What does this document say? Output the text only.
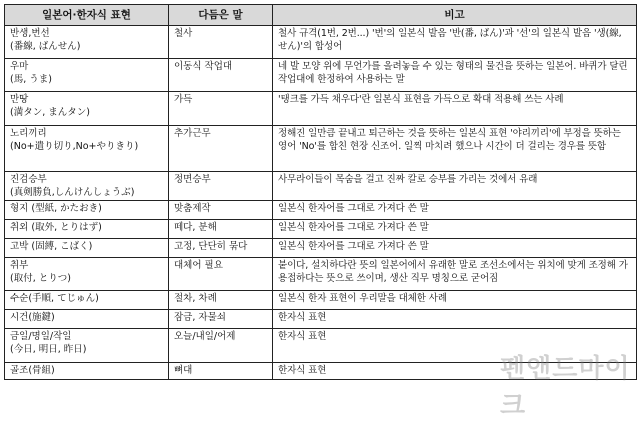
일본어·한자식 표현	다듬은 말	비고

반생,번선
(番線, ばんせん)	철사	철사 규격(1번, 2번...) '번'의 일본식 발음 '반(番, ばん)'과 '선'의 일본식 발음 '생(線, せん)'의 합성어

우마
(馬, うま)	이동식 작업대	네 발 모양 위에 무언가를 올려놓을 수 있는 형태의 물건을 뜻하는 일본어. 바퀴가 달린 작업대에 한정하여 사용하는 말

만땅
(満タン, まんタン)	가득	'탱크를 가득 채우다'란 일본식 표현을 가득으로 확대 적용해 쓰는 사례

노리끼리
(No+遣り切り,No+やりきり)	추가근무	정해진 일만큼 끝내고 퇴근하는 것을 뜻하는 일본식 표현 '야리끼리'에 부정을 뜻하는 영어 'No'를 합친 현장 신조어. 일찍 마치려 했으나 시간이 더 걸리는 경우를 뜻함

진검승부
(真剣勝負,しんけんしょうぶ)	정면승부	사무라이들이 목숨을 걸고 진짜 칼로 승부를 가리는 것에서 유래

형지 (型紙, かたおき)	맞춤제작	일본식 한자어를 그대로 가져다 쓴 말

취외 (取外, とりはず)	떼다, 분해	일본식 한자어를 그대로 가져다 쓴 말

고박 (固縛, こばく)	고정, 단단히 묶다	일본식 한자어를 그대로 가져다 쓴 말

취부
(取付, とりつ)	대체어 필요	붙이다, 설치하다란 뜻의 일본어에서 유래한 말로 조선소에서는 위치에 맞게 조정해 가용접하다는 뜻으로 쓰이며, 생산 직무 명칭으로 굳어짐

수순(手順, てじゅん)	절차, 차례	일본식 한자 표현이 우리말을 대체한 사례

시건(施鍵)	잠금, 자물쇠	한자식 표현

금일/명일/작일
(今日, 明日, 昨日)	오늘/내일/어제	한자식 표현

골조(骨組)	뼈대	한자식 표현	펜앤드마이크
